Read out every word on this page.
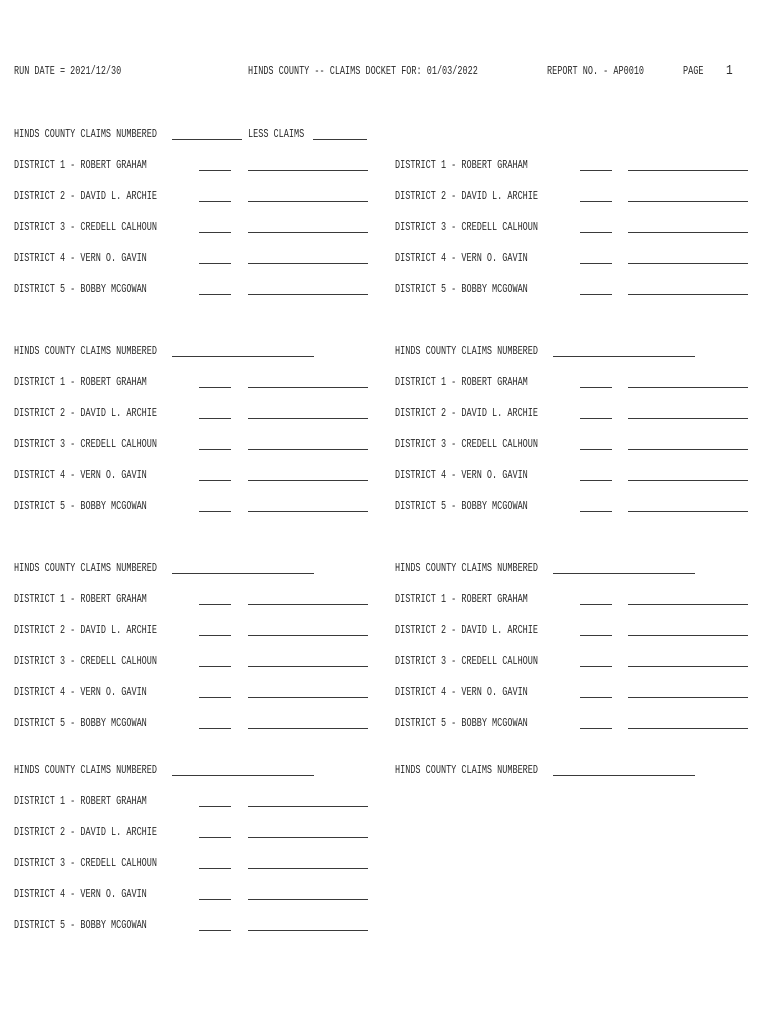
RUN DATE = 2021/12/30	HINDS COUNTY -- CLAIMS DOCKET FOR: 01/03/2022	REPORT NO. - AP0010	PAGE 1
HINDS COUNTY CLAIMS NUMBERED	LESS CLAIMS
DISTRICT 1 - ROBERT GRAHAM
DISTRICT 2 - DAVID L. ARCHIE
DISTRICT 3 - CREDELL CALHOUN
DISTRICT 4 - VERN O. GAVIN
DISTRICT 5 - BOBBY MCGOWAN
DISTRICT 1 - ROBERT GRAHAM
DISTRICT 2 - DAVID L. ARCHIE
DISTRICT 3 - CREDELL CALHOUN
DISTRICT 4 - VERN O. GAVIN
DISTRICT 5 - BOBBY MCGOWAN
HINDS COUNTY CLAIMS NUMBERED
DISTRICT 1 - ROBERT GRAHAM
DISTRICT 2 - DAVID L. ARCHIE
DISTRICT 3 - CREDELL CALHOUN
DISTRICT 4 - VERN O. GAVIN
DISTRICT 5 - BOBBY MCGOWAN
HINDS COUNTY CLAIMS NUMBERED
DISTRICT 1 - ROBERT GRAHAM
DISTRICT 2 - DAVID L. ARCHIE
DISTRICT 3 - CREDELL CALHOUN
DISTRICT 4 - VERN O. GAVIN
DISTRICT 5 - BOBBY MCGOWAN
HINDS COUNTY CLAIMS NUMBERED
DISTRICT 1 - ROBERT GRAHAM
DISTRICT 2 - DAVID L. ARCHIE
DISTRICT 3 - CREDELL CALHOUN
DISTRICT 4 - VERN O. GAVIN
DISTRICT 5 - BOBBY MCGOWAN
HINDS COUNTY CLAIMS NUMBERED
DISTRICT 1 - ROBERT GRAHAM
DISTRICT 2 - DAVID L. ARCHIE
DISTRICT 3 - CREDELL CALHOUN
DISTRICT 4 - VERN O. GAVIN
DISTRICT 5 - BOBBY MCGOWAN
HINDS COUNTY CLAIMS NUMBERED
DISTRICT 1 - ROBERT GRAHAM
DISTRICT 2 - DAVID L. ARCHIE
DISTRICT 3 - CREDELL CALHOUN
DISTRICT 4 - VERN O. GAVIN
DISTRICT 5 - BOBBY MCGOWAN
HINDS COUNTY CLAIMS NUMBERED
